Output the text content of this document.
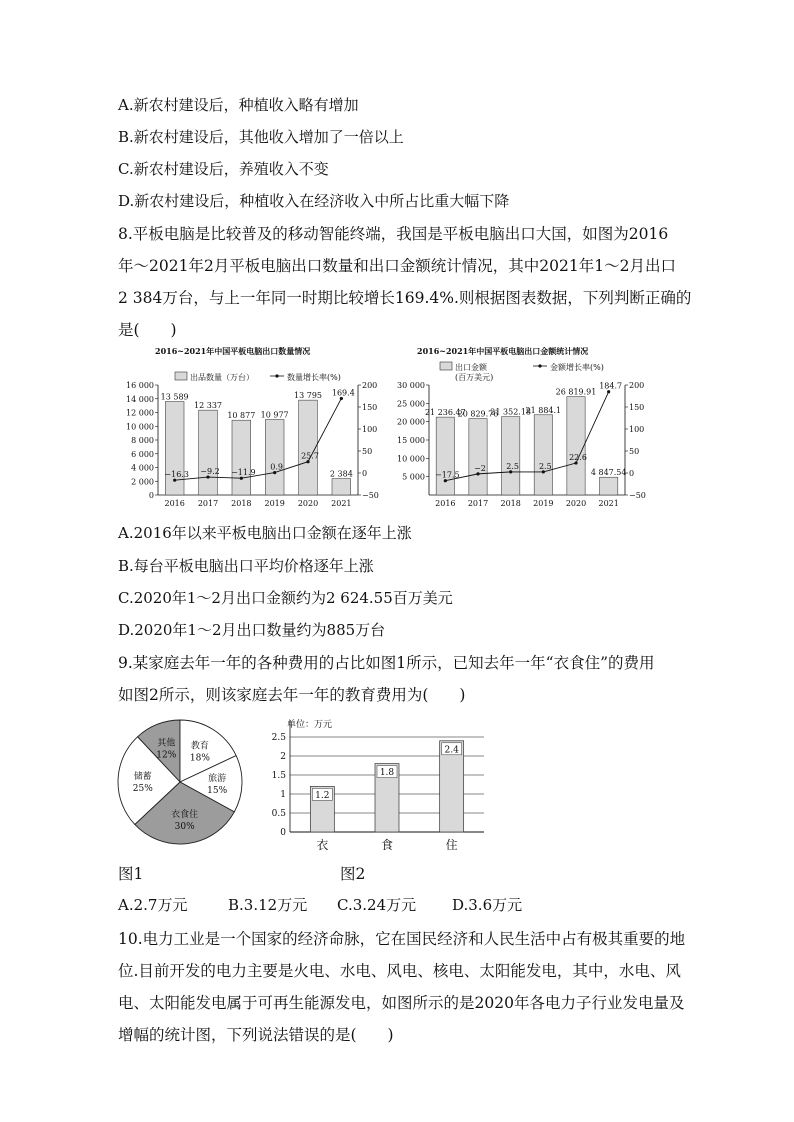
A.新农村建设后，种植收入略有增加
B.新农村建设后，其他收入增加了一倍以上
C.新农村建设后，养殖收入不变
D.新农村建设后，种植收入在经济收入中所占比重大幅下降
8.平板电脑是比较普及的移动智能终端，我国是平板电脑出口大国，如图为2016
年～2021年2月平板电脑出口数量和出口金额统计情况，其中2021年1～2月出口
2 384万台，与上一年同一时期比较增长169.4%.则根据图表数据，下列判断正确的
是(　　)
2016~2021年中国平板电脑出口数量情况
出品数量（万台）	数量增长率(%)
0
2 000
4 000
6 000
8 000
10 000
12 000
14 000
16 000
−50
0
50
100
150
200
13 589
2016
12 337
2017
10 877
2018
10 977
2019
13 795
2020
2 384
2021
−16.3 −9.2 −11.9
0.9
25.7
169.4
2016~2021年中国平板电脑出口金额统计情况
出口金额
(百万美元)
金额增长率(%)
5 000
10 000
15 000
20 000
25 000
30 000
−50
0
50
100
150
200
21 236.47
2016
20 829.76
2017
21 352.18
2018
21 884.1
2019
26 819.91
2020
4 847.54
2021
−17.5
−2	2.5 2.5
22.6
184.7
A.2016年以来平板电脑出口金额在逐年上涨
B.每台平板电脑出口平均价格逐年上涨
C.2020年1～2月出口金额约为2 624.55百万美元
D.2020年1～2月出口数量约为885万台
9.某家庭去年一年的各种费用的占比如图1所示，已知去年一年“衣食住”的费用
如图2所示，则该家庭去年一年的教育费用为(　　)
其他
12%
教育
18%
旅游
15%
衣食住
30%
储蓄
25%
单位：万元
0
0.5
1
1.5
2
2.5
1.2
衣
1.8
食
2.4
住
图1	图2
A.2.7万元	B.3.12万元 C.3.24万元 D.3.6万元
10.电力工业是一个国家的经济命脉，它在国民经济和人民生活中占有极其重要的地
位.目前开发的电力主要是火电、水电、风电、核电、太阳能发电，其中，水电、风
电、太阳能发电属于可再生能源发电，如图所示的是2020年各电力子行业发电量及
增幅的统计图，下列说法错误的是(　　)
